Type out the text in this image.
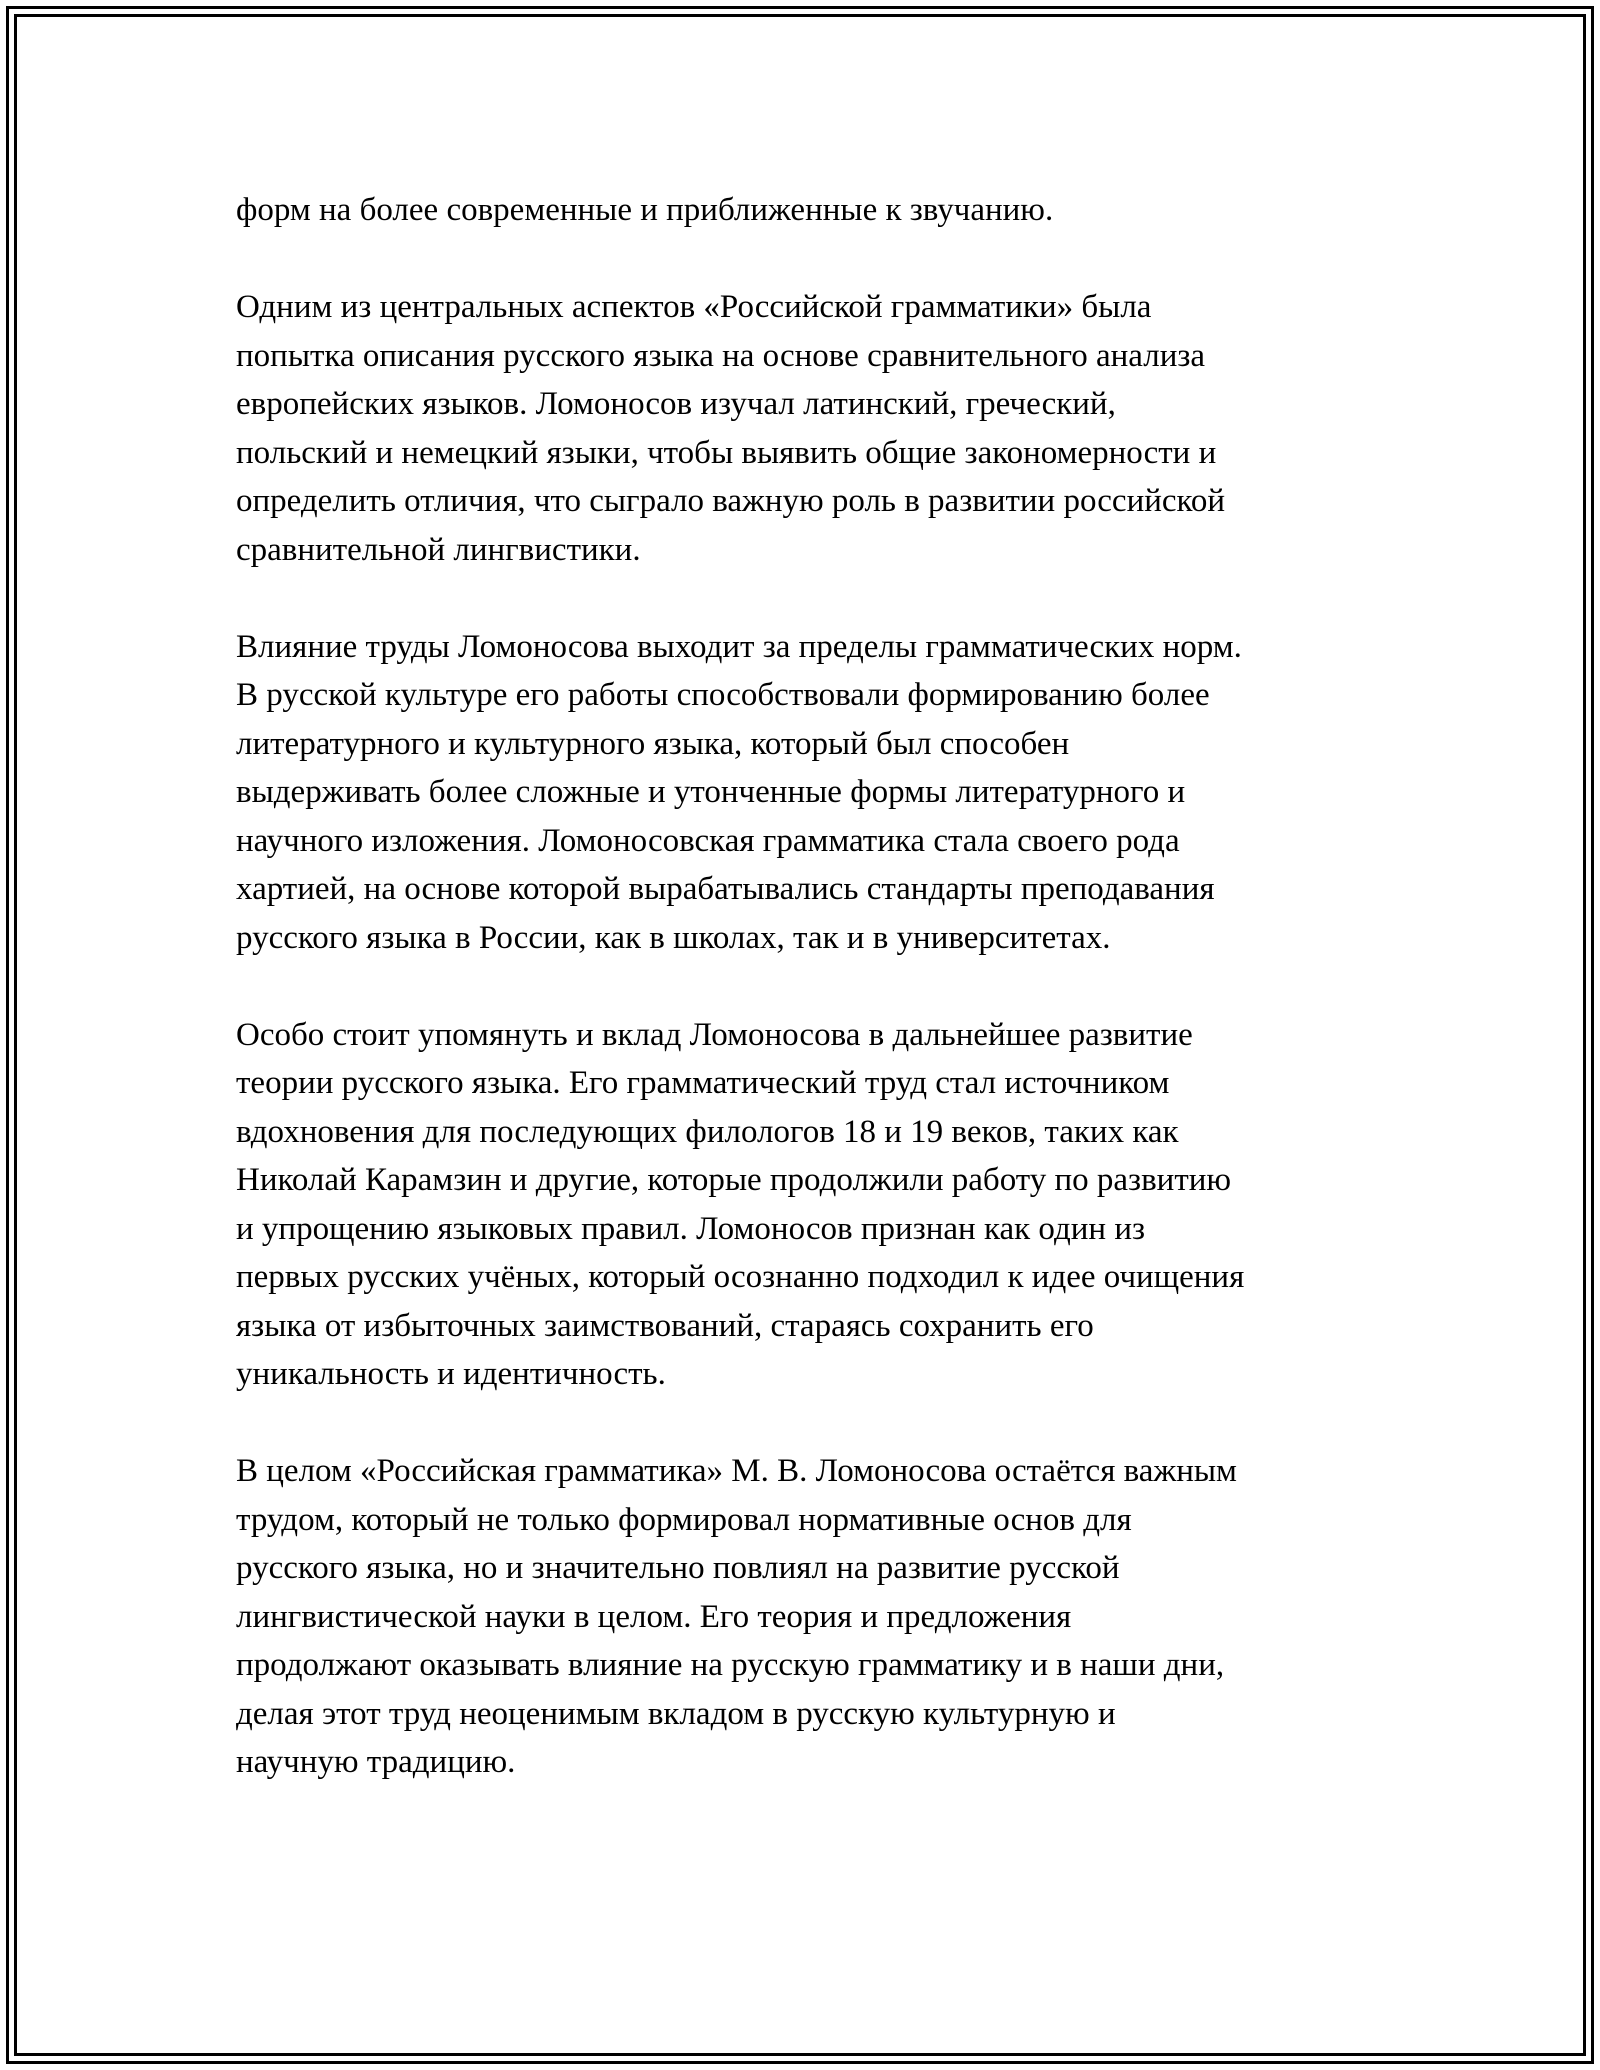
форм на более современные и приближенные к звучанию.
Одним из центральных аспектов «Российской грамматики» была
попытка описания русского языка на основе сравнительного анализа
европейских языков. Ломоносов изучал латинский, греческий,
польский и немецкий языки, чтобы выявить общие закономерности и
определить отличия, что сыграло важную роль в развитии российской
сравнительной лингвистики.
Влияние труды Ломоносова выходит за пределы грамматических норм.
В русской культуре его работы способствовали формированию более
литературного и культурного языка, который был способен
выдерживать более сложные и утонченные формы литературного и
научного изложения. Ломоносовская грамматика стала своего рода
хартией, на основе которой вырабатывались стандарты преподавания
русского языка в России, как в школах, так и в университетах.
Особо стоит упомянуть и вклад Ломоносова в дальнейшее развитие
теории русского языка. Его грамматический труд стал источником
вдохновения для последующих филологов 18 и 19 веков, таких как
Николай Карамзин и другие, которые продолжили работу по развитию
и упрощению языковых правил. Ломоносов признан как один из
первых русских учёных, который осознанно подходил к идее очищения
языка от избыточных заимствований, стараясь сохранить его
уникальность и идентичность.
В целом «Российская грамматика» М. В. Ломоносова остаётся важным
трудом, который не только формировал нормативные основ для
русского языка, но и значительно повлиял на развитие русской
лингвистической науки в целом. Его теория и предложения
продолжают оказывать влияние на русскую грамматику и в наши дни,
делая этот труд неоценимым вкладом в русскую культурную и
научную традицию.
